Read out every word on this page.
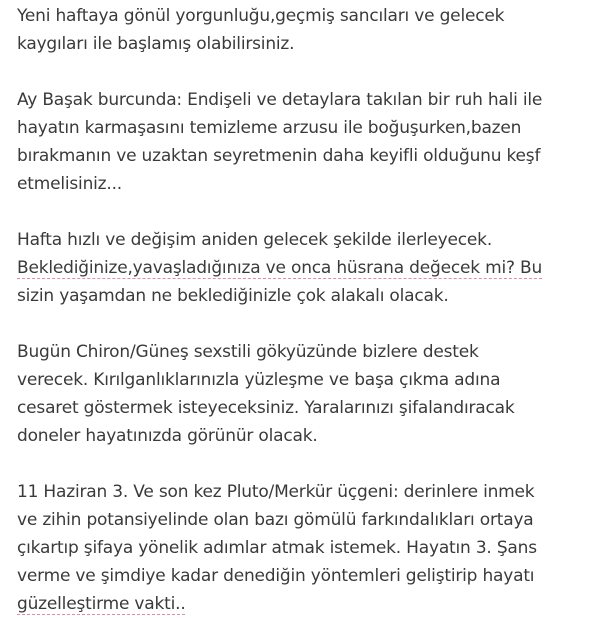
Yeni haftaya gönül yorgunluğu,geçmiş sancıları ve gelecek
kaygıları ile başlamış olabilirsiniz.
Ay Başak burcunda: Endişeli ve detaylara takılan bir ruh hali ile
hayatın karmaşasını temizleme arzusu ile boğuşurken,bazen
bırakmanın ve uzaktan seyretmenin daha keyifli olduğunu keşf
etmelisiniz...
Hafta hızlı ve değişim aniden gelecek şekilde ilerleyecek.
Beklediğinize,yavaşladığınıza ve onca hüsrana değecek mi? Bu
sizin yaşamdan ne beklediğinizle çok alakalı olacak.
Bugün Chiron/Güneş sexstili gökyüzünde bizlere destek
verecek. Kırılganlıklarınızla yüzleşme ve başa çıkma adına
cesaret göstermek isteyeceksiniz. Yaralarınızı şifalandıracak
doneler hayatınızda görünür olacak.
11 Haziran 3. Ve son kez Pluto/Merkür üçgeni: derinlere inmek
ve zihin potansiyelinde olan bazı gömülü farkındalıkları ortaya
çıkartıp şifaya yönelik adımlar atmak istemek. Hayatın 3. Şans
verme ve şimdiye kadar denediğin yöntemleri geliştirip hayatı
güzelleştirme vakti..
